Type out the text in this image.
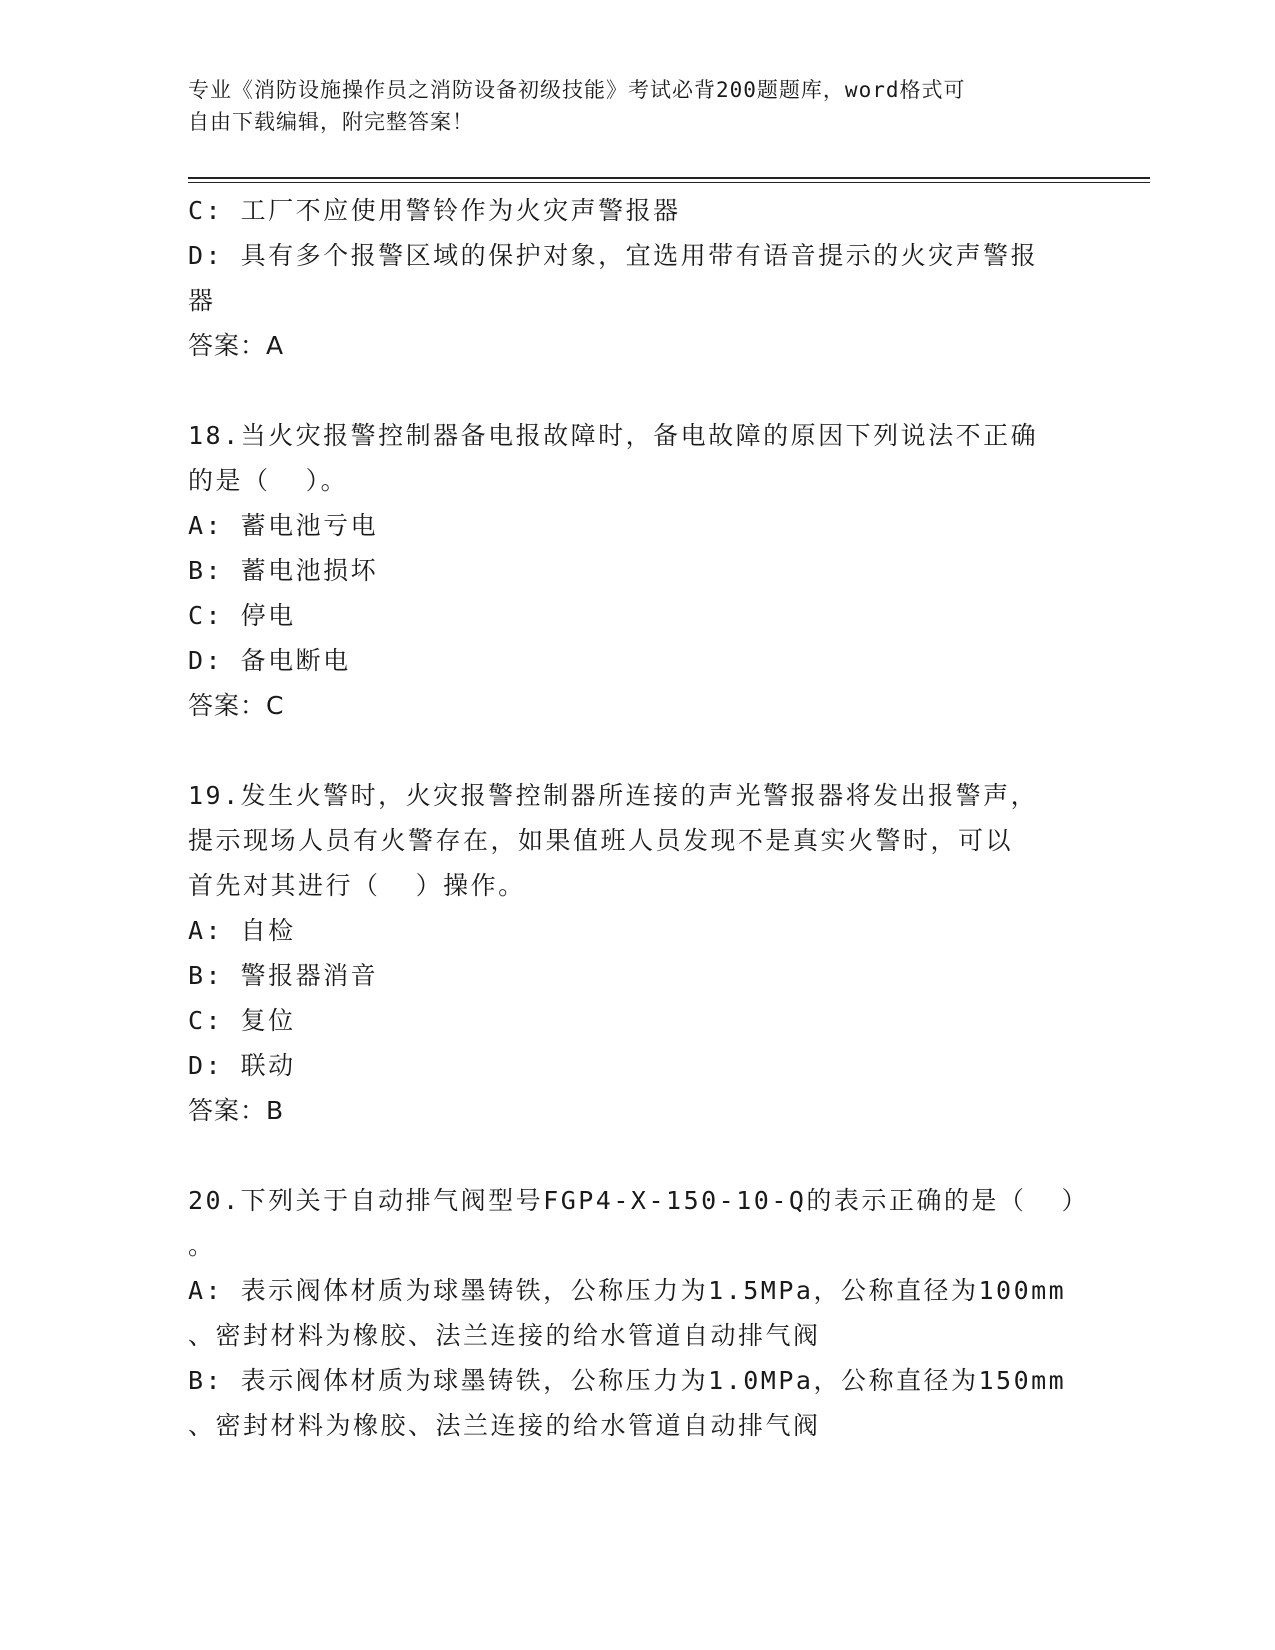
专业《消防设施操作员之消防设备初级技能》考试必背200题题库，word格式可
自由下载编辑，附完整答案！
C: 工厂不应使用警铃作为火灾声警报器
D: 具有多个报警区域的保护对象，宜选用带有语音提示的火灾声警报
器
答案：A
18.当火灾报警控制器备电报故障时，备电故障的原因下列说法不正确
的是（  ）。
A: 蓄电池亏电
B: 蓄电池损坏
C: 停电
D: 备电断电
答案：C
19.发生火警时，火灾报警控制器所连接的声光警报器将发出报警声，
提示现场人员有火警存在，如果值班人员发现不是真实火警时，可以
首先对其进行（  ）操作。
A: 自检
B: 警报器消音
C: 复位
D: 联动
答案：B
20.下列关于自动排气阀型号FGP4-X-150-10-Q的表示正确的是（  ）
。
A: 表示阀体材质为球墨铸铁，公称压力为1.5MPa，公称直径为100mm
、密封材料为橡胶、法兰连接的给水管道自动排气阀
B: 表示阀体材质为球墨铸铁，公称压力为1.0MPa，公称直径为150mm
、密封材料为橡胶、法兰连接的给水管道自动排气阀
